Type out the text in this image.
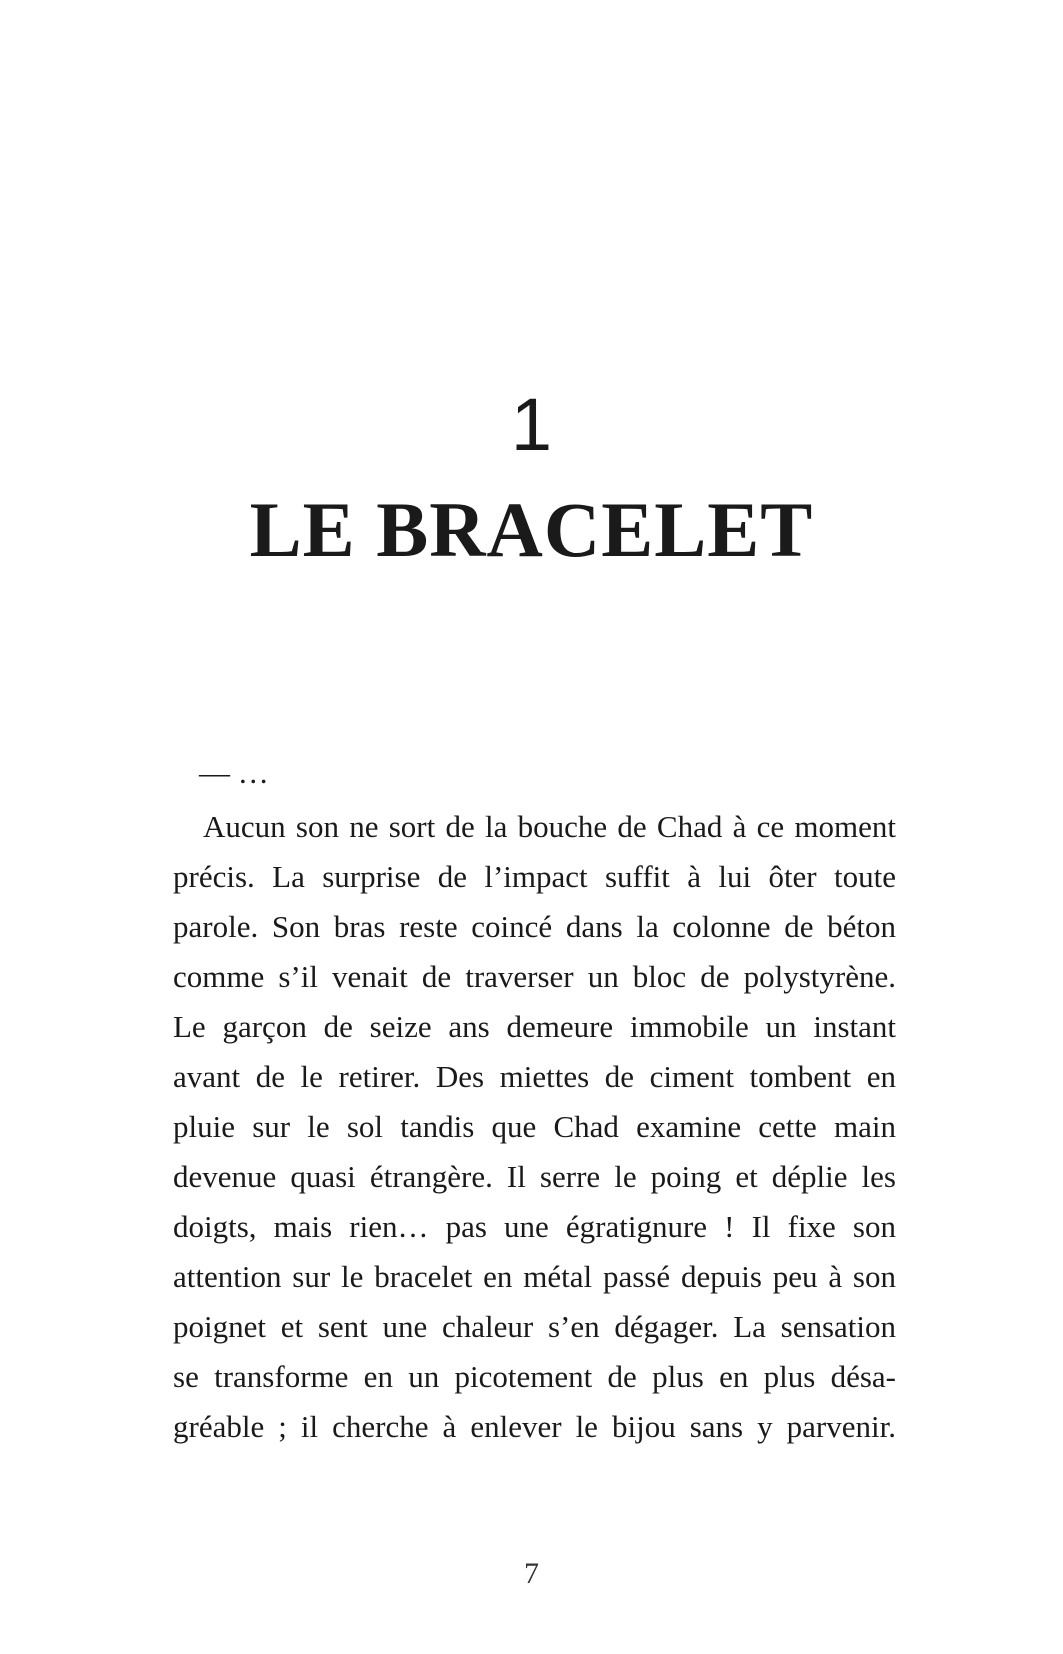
1
LE BRACELET
— …
Aucun son ne sort de la bouche de Chad à ce moment
précis. La surprise de l’impact suffit à lui ôter toute
parole. Son bras reste coincé dans la colonne de béton
comme s’il venait de traverser un bloc de polystyrène.
Le garçon de seize ans demeure immobile un instant
avant de le retirer. Des miettes de ciment tombent en
pluie sur le sol tandis que Chad examine cette main
devenue quasi étrangère. Il serre le poing et déplie les
doigts, mais rien… pas une égratignure ! Il fixe son
attention sur le bracelet en métal passé depuis peu à son
poignet et sent une chaleur s’en dégager. La sensation
se transforme en un picotement de plus en plus désa-
gréable ; il cherche à enlever le bijou sans y parvenir.
7
